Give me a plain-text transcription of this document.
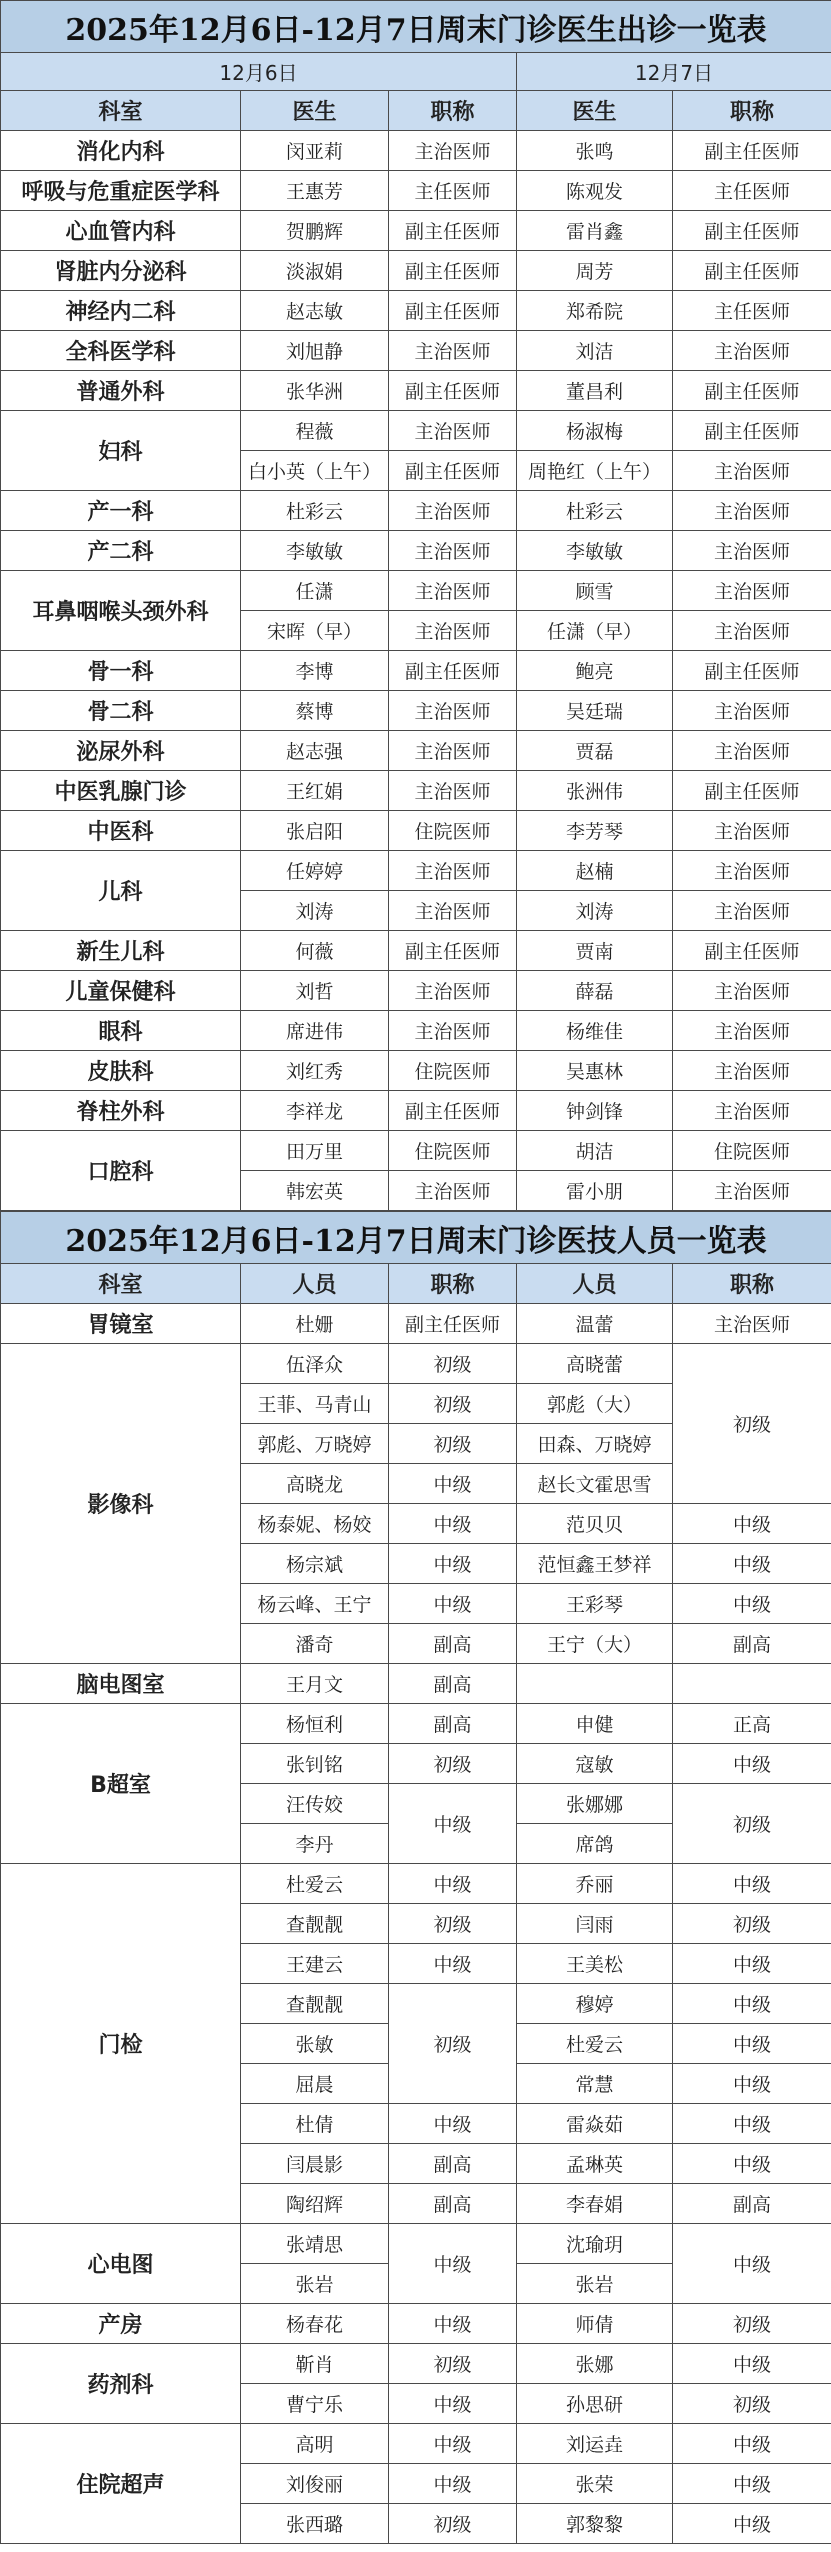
2025年12月6日-12月7日周末门诊医生出诊一览表				
12月6日			12月7日	
科室	医生	职称	医生	职称
消化内科	闵亚莉	主治医师	张鸣	副主任医师
呼吸与危重症医学科	王惠芳	主任医师	陈观发	主任医师
心血管内科	贺鹏辉	副主任医师	雷肖鑫	副主任医师
肾脏内分泌科	淡淑娟	副主任医师	周芳	副主任医师
神经内二科	赵志敏	副主任医师	郑希院	主任医师
全科医学科	刘旭静	主治医师	刘洁	主治医师
普通外科	张华洲	副主任医师	董昌利	副主任医师
妇科	程薇	主治医师	杨淑梅	副主任医师
	白小英（上午）	副主任医师	周艳红（上午）	主治医师
产一科	杜彩云	主治医师	杜彩云	主治医师
产二科	李敏敏	主治医师	李敏敏	主治医师
耳鼻咽喉头颈外科	任潇	主治医师	顾雪	主治医师
	宋晖（早）	主治医师	任潇（早）	主治医师
骨一科	李博	副主任医师	鲍亮	副主任医师
骨二科	蔡博	主治医师	吴廷瑞	主治医师
泌尿外科	赵志强	主治医师	贾磊	主治医师
中医乳腺门诊	王红娟	主治医师	张洲伟	副主任医师
中医科	张启阳	住院医师	李芳琴	主治医师
儿科	任婷婷	主治医师	赵楠	主治医师
	刘涛	主治医师	刘涛	主治医师
新生儿科	何薇	副主任医师	贾南	副主任医师
儿童保健科	刘哲	主治医师	薛磊	主治医师
眼科	席进伟	主治医师	杨维佳	主治医师
皮肤科	刘红秀	住院医师	吴惠林	主治医师
脊柱外科	李祥龙	副主任医师	钟剑锋	主治医师
口腔科	田万里	住院医师	胡洁	住院医师
	韩宏英	主治医师	雷小朋	主治医师
2025年12月6日-12月7日周末门诊医技人员一览表				
科室	人员	职称	人员	职称
胃镜室	杜姗	副主任医师	温蕾	主治医师
影像科	伍泽众	初级	高晓蕾	初级
	王菲、马青山	初级	郭彪（大）	
	郭彪、万晓婷	初级	田森、万晓婷	
	高晓龙	中级	赵长文霍思雪	
	杨泰妮、杨姣	中级	范贝贝	中级
	杨宗斌	中级	范恒鑫王梦祥	中级
	杨云峰、王宁	中级	王彩琴	中级
	潘奇	副高	王宁（大）	副高
脑电图室	王月文	副高		
B超室	杨恒利	副高	申健	正高
	张钊铭	初级	寇敏	中级
	汪传姣	中级	张娜娜	初级
	李丹		席鸽	
门检	杜爱云	中级	乔丽	中级
	查靓靓	初级	闫雨	初级
	王建云	中级	王美松	中级
	查靓靓	初级	穆婷	中级
	张敏		杜爱云	中级
	屈晨		常慧	中级
	杜倩	中级	雷焱茹	中级
	闫晨影	副高	孟琳英	中级
	陶绍辉	副高	李春娟	副高
心电图	张靖思	中级	沈瑜玥	中级
	张岩		张岩	
产房	杨春花	中级	师倩	初级
药剂科	靳肖	初级	张娜	中级
	曹宁乐	中级	孙思研	初级
住院超声	高明	中级	刘运垚	中级
	刘俊丽	中级	张荣	中级
	张西璐	初级	郭黎黎	中级
